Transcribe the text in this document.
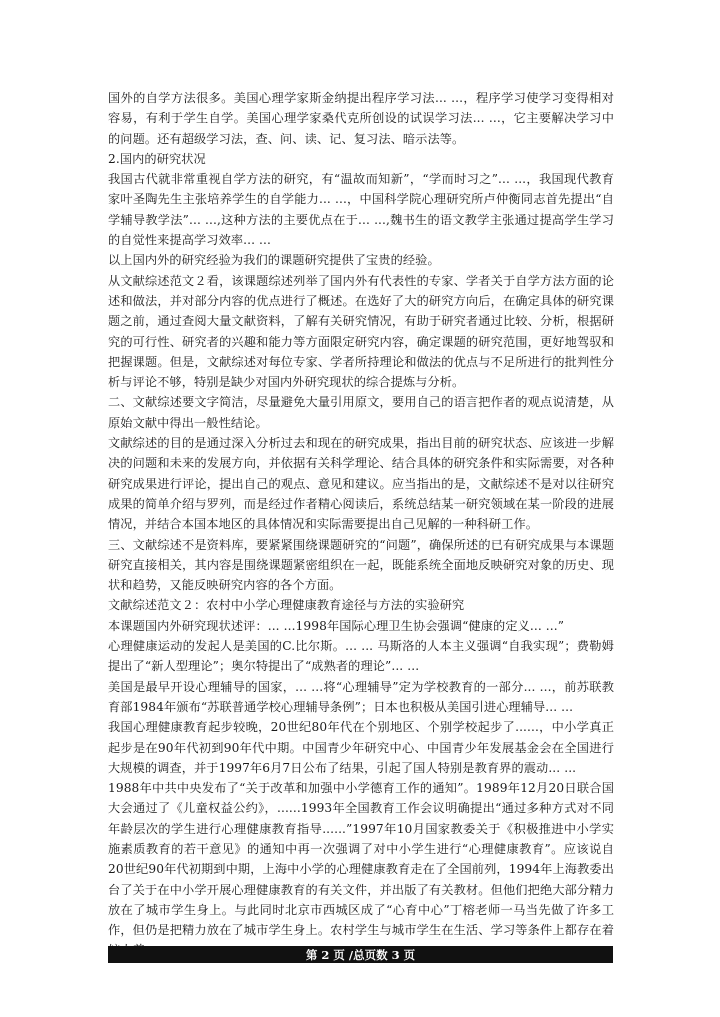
国外的自学方法很多。美国心理学家斯金纳提出程序学习法... ...，程序学习使学习变得相对容易，有利于学生自学。美国心理学家桑代克所创设的试误学习法... ...，它主要解决学习中的问题。还有超级学习法，查、问、读、记、复习法、暗示法等。

2.国内的研究状况

我国古代就非常重视自学方法的研究，有“温故而知新”，“学而时习之”... ...，我国现代教育家叶圣陶先生主张培养学生的自学能力... ...，中国科学院心理研究所卢仲衡同志首先提出“自学辅导教学法”... ...,这种方法的主要优点在于... ...,魏书生的语文教学主张通过提高学生学习的自觉性来提高学习效率... ...

以上国内外的研究经验为我们的课题研究提供了宝贵的经验。

从文献综述范文２看，该课题综述列举了国内外有代表性的专家、学者关于自学方法方面的论述和做法，并对部分内容的优点进行了概述。在选好了大的研究方向后，在确定具体的研究课题之前，通过查阅大量文献资料，了解有关研究情况，有助于研究者通过比较、分析，根据研究的可行性、研究者的兴趣和能力等方面限定研究内容，确定课题的研究范围，更好地驾驭和把握课题。但是，文献综述对每位专家、学者所持理论和做法的优点与不足所进行的批判性分析与评论不够，特别是缺少对国内外研究现状的综合提炼与分析。

二、文献综述要文字简洁，尽量避免大量引用原文，要用自己的语言把作者的观点说清楚，从原始文献中得出一般性结论。

文献综述的目的是通过深入分析过去和现在的研究成果，指出目前的研究状态、应该进一步解决的问题和未来的发展方向，并依据有关科学理论、结合具体的研究条件和实际需要，对各种研究成果进行评论，提出自己的观点、意见和建议。应当指出的是，文献综述不是对以往研究成果的简单介绍与罗列，而是经过作者精心阅读后，系统总结某一研究领域在某一阶段的进展情况，并结合本国本地区的具体情况和实际需要提出自己见解的一种科研工作。

三、文献综述不是资料库，要紧紧围绕课题研究的“问题”，确保所述的已有研究成果与本课题研究直接相关，其内容是围绕课题紧密组织在一起，既能系统全面地反映研究对象的历史、现状和趋势，又能反映研究内容的各个方面。

文献综述范文２：农村中小学心理健康教育途径与方法的实验研究

本课题国内外研究现状述评：... ...1998年国际心理卫生协会强调“健康的定义... ...”

心理健康运动的发起人是美国的C.比尔斯。... ... 马斯洛的人本主义强调“自我实现”；费勒姆提出了“新人型理论”；奥尔特提出了“成熟者的理论”... ...

美国是最早开设心理辅导的国家，... ...将“心理辅导”定为学校教育的一部分... ...，前苏联教育部1984年颁布“苏联普通学校心理辅导条例”；日本也积极从美国引进心理辅导... ...

我国心理健康教育起步较晚，20世纪80年代在个别地区、个别学校起步了......，中小学真正起步是在90年代初到90年代中期。中国青少年研究中心、中国青少年发展基金会在全国进行大规模的调查，并于1997年6月7日公布了结果，引起了国人特别是教育界的震动... ...

1988年中共中央发布了“关于改革和加强中小学德育工作的通知”。1989年12月20日联合国大会通过了《儿童权益公约》，......1993年全国教育工作会议明确提出“通过多种方式对不同年龄层次的学生进行心理健康教育指导......”1997年10月国家教委关于《积极推进中小学实施素质教育的若干意见》的通知中再一次强调了对中小学生进行“心理健康教育”。应该说自20世纪90年代初期到中期，上海中小学的心理健康教育走在了全国前列，1994年上海教委出台了关于在中小学开展心理健康教育的有关文件，并出版了有关教材。但他们把绝大部分精力放在了城市学生身上。与此同时北京市西城区成了“心育中心”丁榕老师一马当先做了许多工作，但仍是把精力放在了城市学生身上。农村学生与城市学生在生活、学习等条件上都存在着

第 2 页 /总页数 3 页
